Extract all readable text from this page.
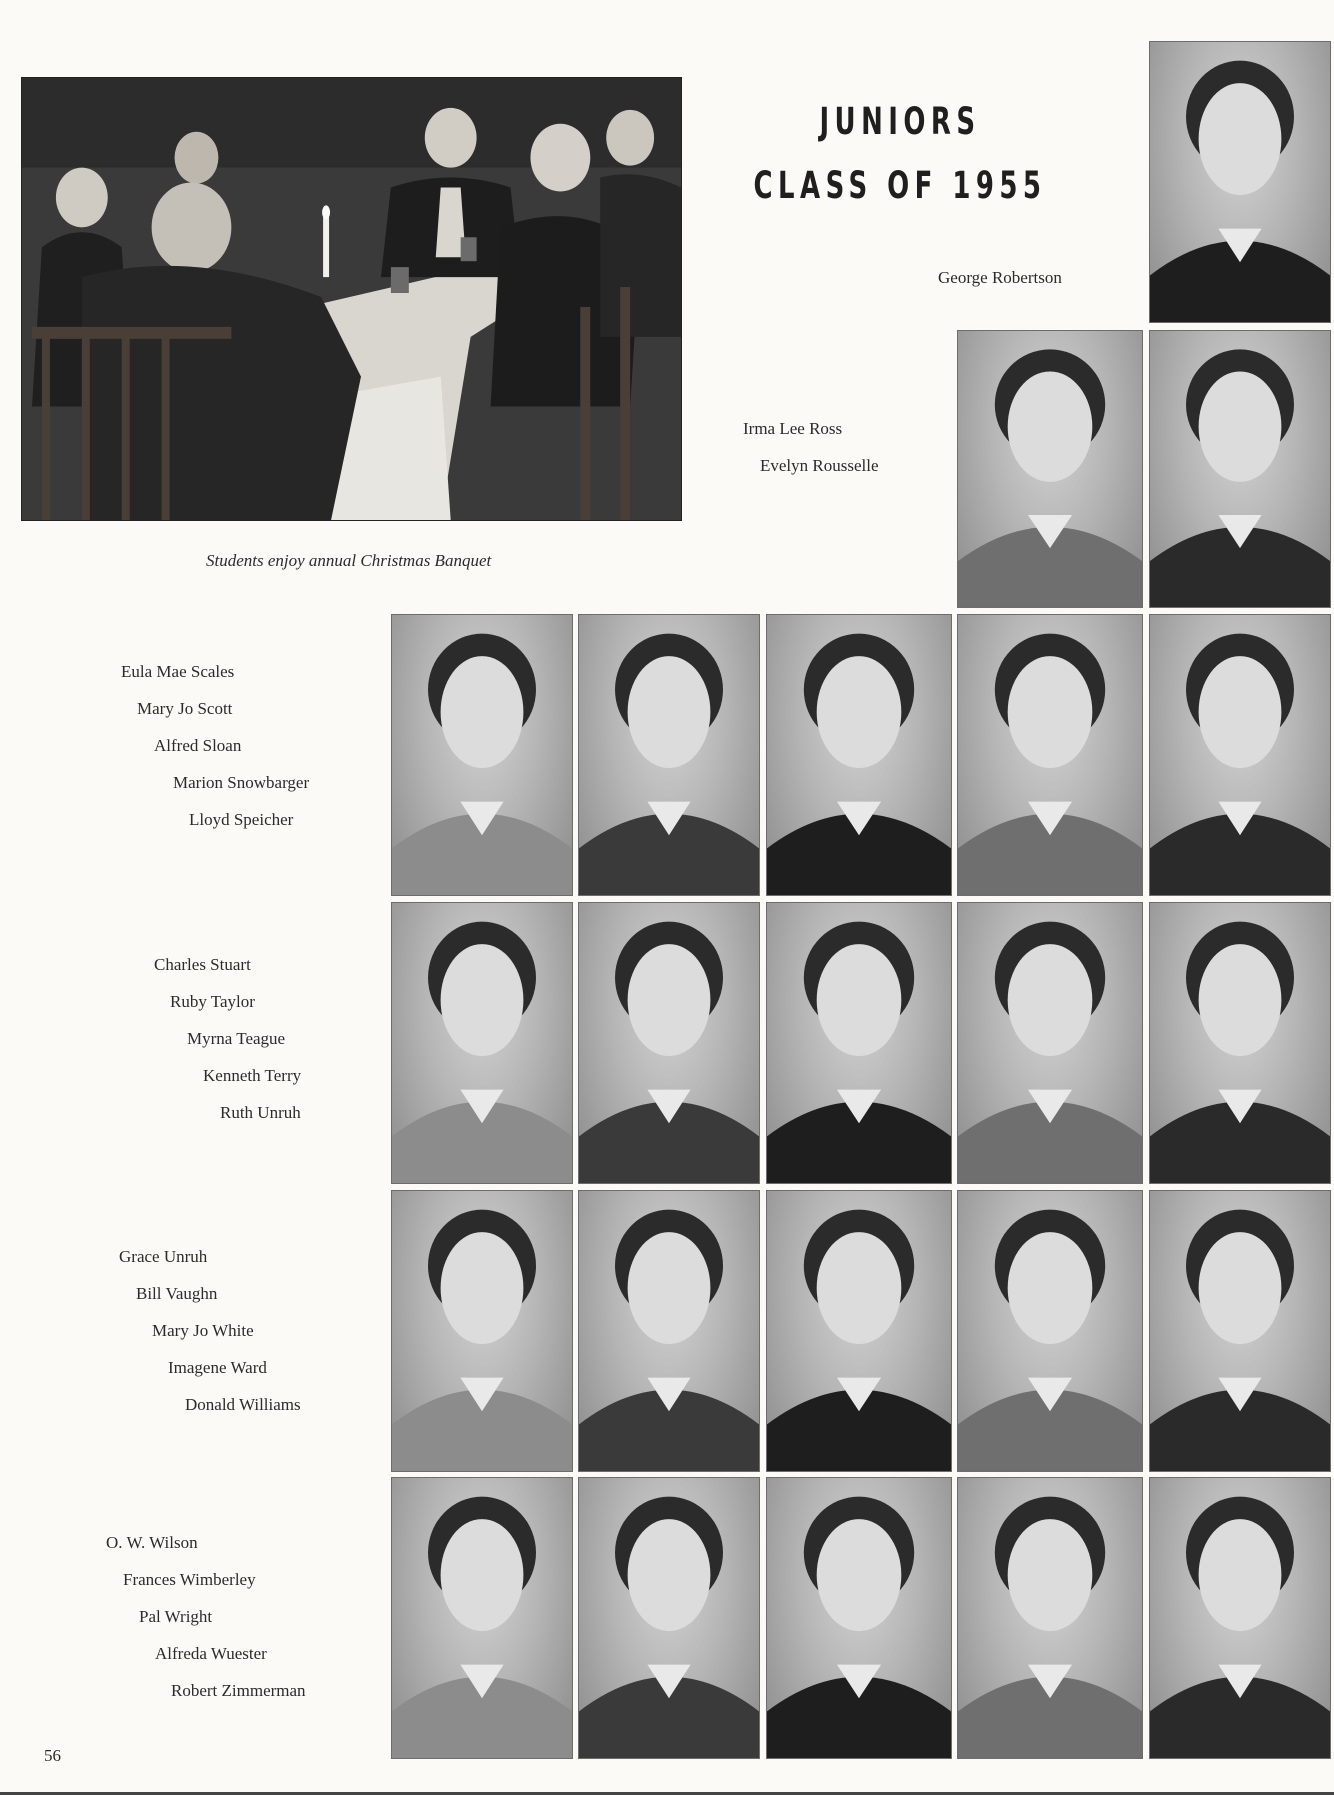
Students enjoy annual Christmas Banquet
JUNIORS
CLASS OF 1955
George Robertson
Irma Lee Ross
Evelyn Rousselle
Eula Mae Scales
Mary Jo Scott
Alfred Sloan
Marion Snowbarger
Lloyd Speicher
Charles Stuart
Ruby Taylor
Myrna Teague
Kenneth Terry
Ruth Unruh
Grace Unruh
Bill Vaughn
Mary Jo White
Imagene Ward
Donald Williams
O. W. Wilson
Frances Wimberley
Pal Wright
Alfreda Wuester
Robert Zimmerman
56
